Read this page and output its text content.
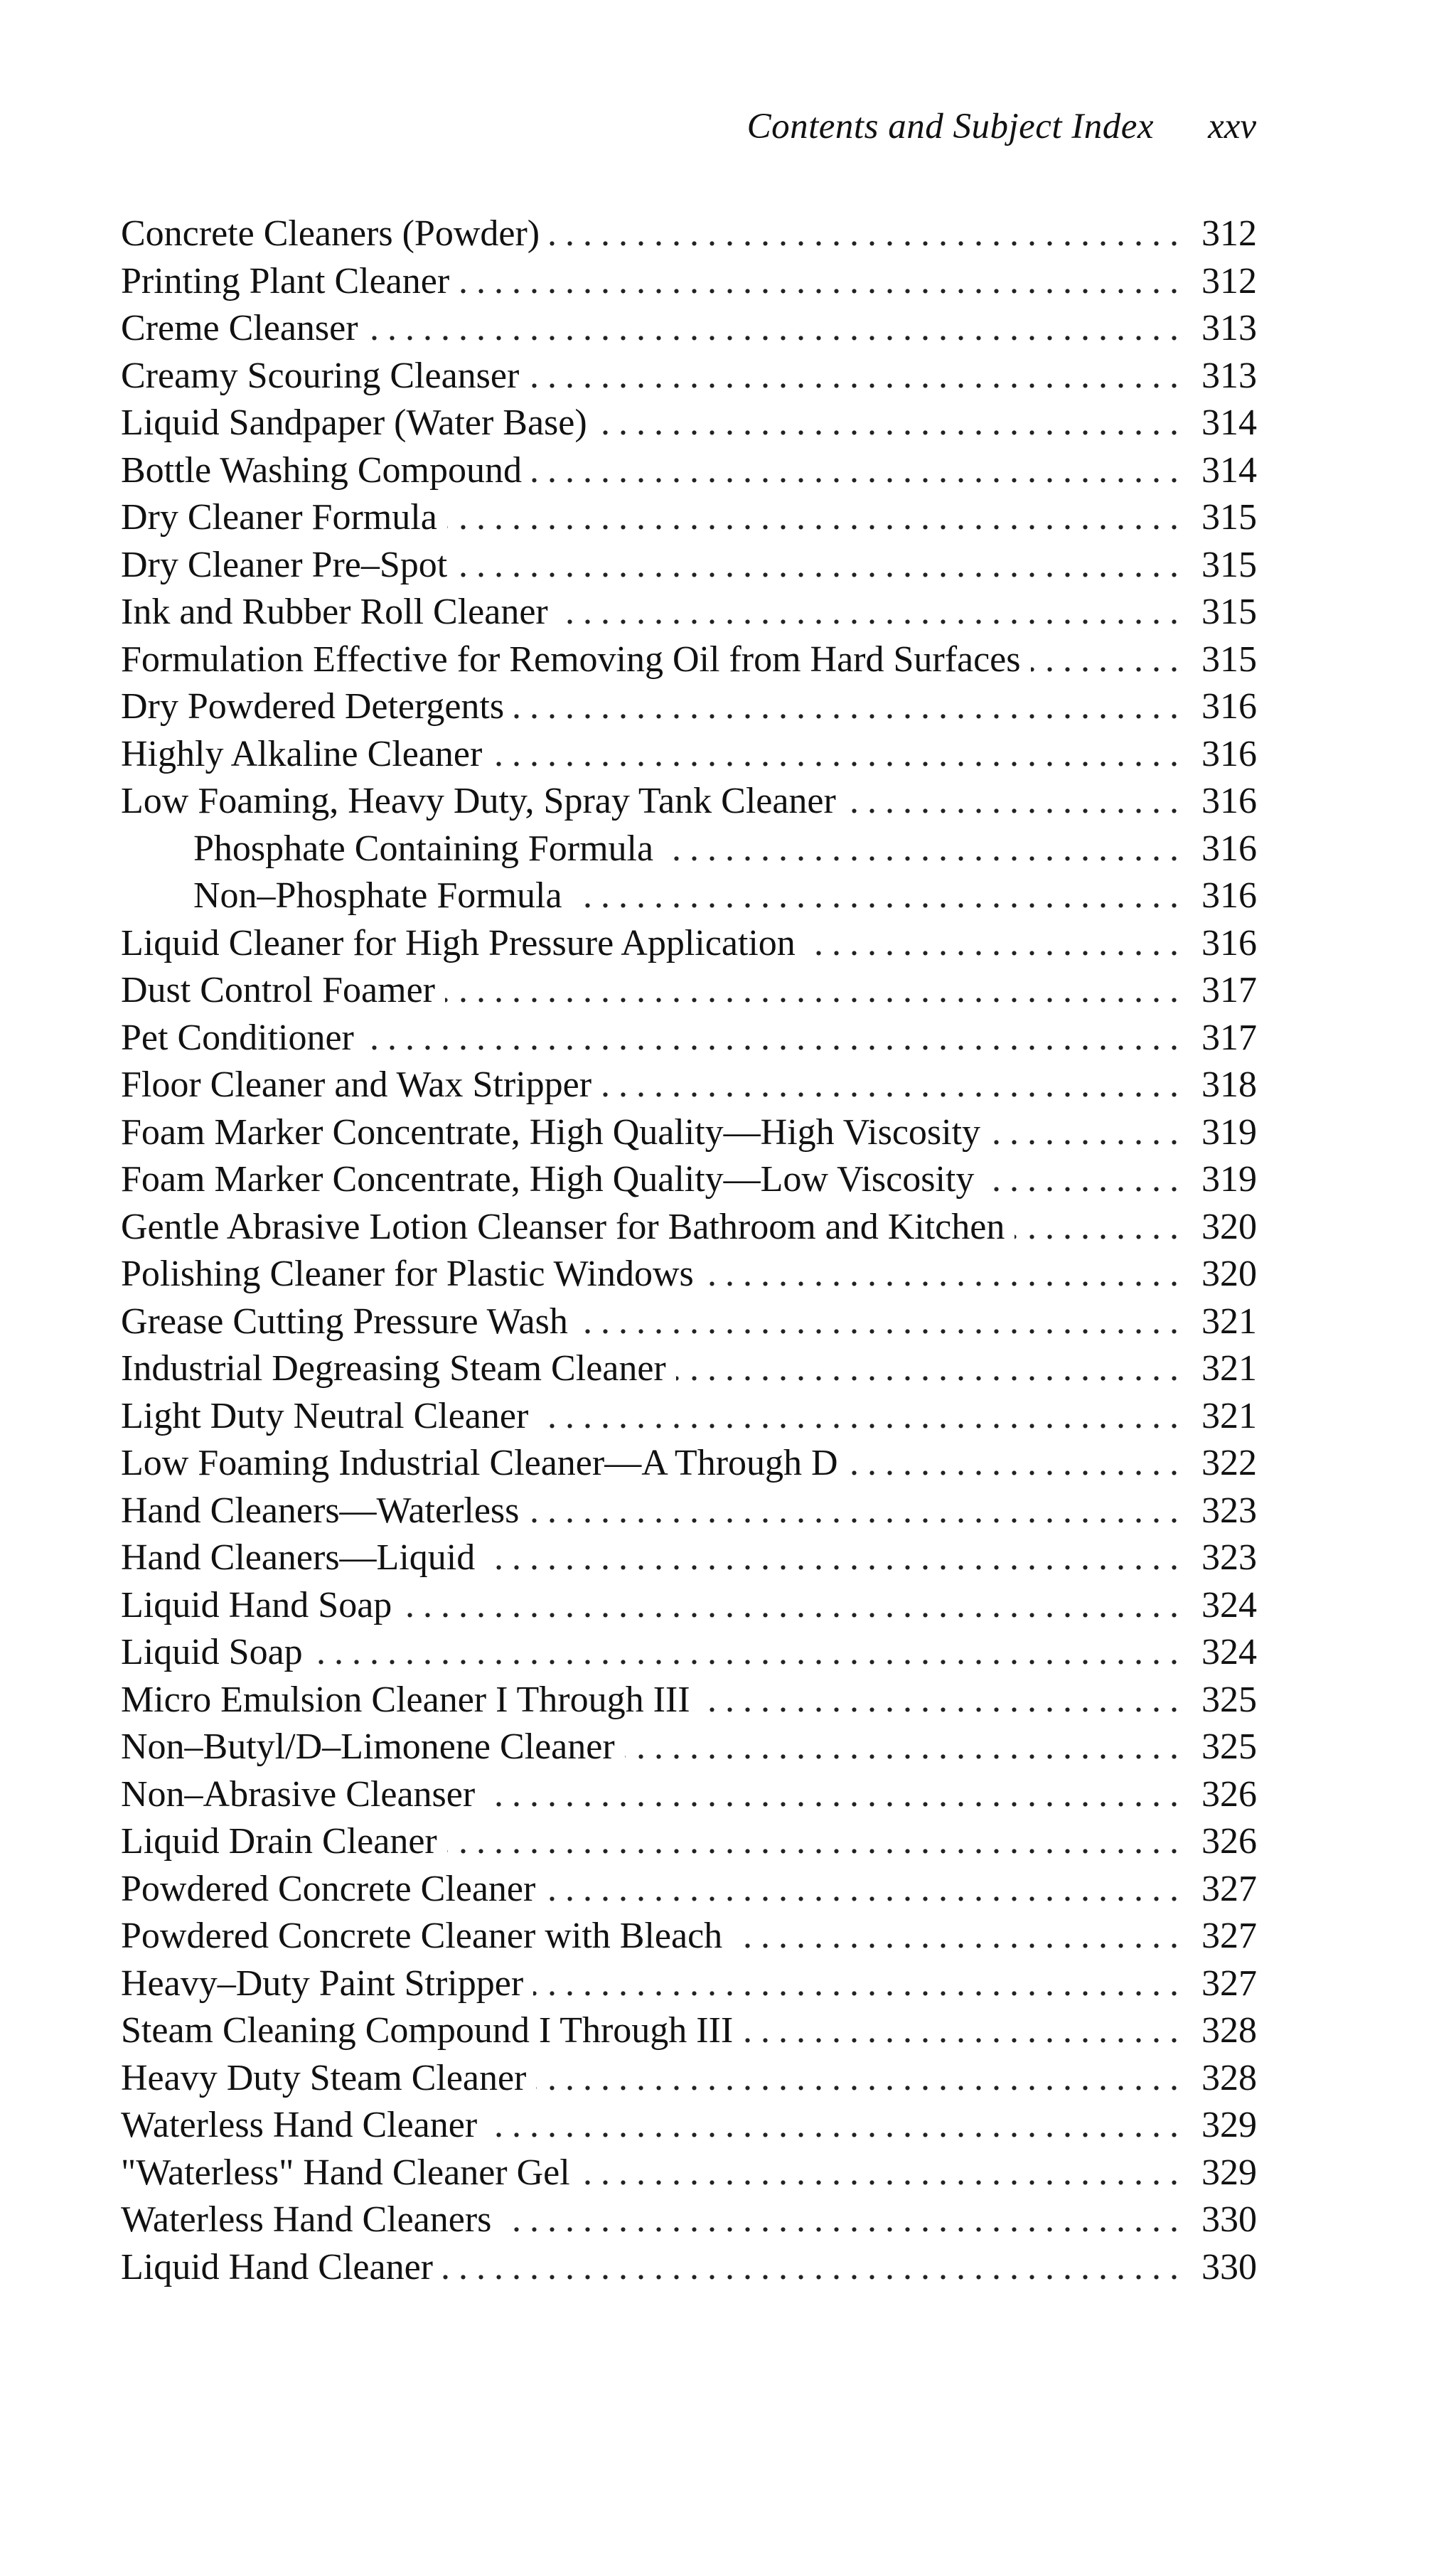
Contents and Subject Index xxv
Concrete Cleaners (Powder) .....	312
Printing Plant Cleaner .....	312
Creme Cleanser .....	313
Creamy Scouring Cleanser .....	313
Liquid Sandpaper (Water Base) .....	314
Bottle Washing Compound .....	314
Dry Cleaner Formula .....	315
Dry Cleaner Pre–Spot .....	315
Ink and Rubber Roll Cleaner .....	315
Formulation Effective for Removing Oil from Hard Surfaces .....	315
Dry Powdered Detergents .....	316
Highly Alkaline Cleaner .....	316
Low Foaming, Heavy Duty, Spray Tank Cleaner .....	316
Phosphate Containing Formula .....	316
Non–Phosphate Formula .....	316
Liquid Cleaner for High Pressure Application .....	316
Dust Control Foamer .....	317
Pet Conditioner .....	317
Floor Cleaner and Wax Stripper .....	318
Foam Marker Concentrate, High Quality—High Viscosity .....	319
Foam Marker Concentrate, High Quality—Low Viscosity .....	319
Gentle Abrasive Lotion Cleanser for Bathroom and Kitchen .....	320
Polishing Cleaner for Plastic Windows .....	320
Grease Cutting Pressure Wash .....	321
Industrial Degreasing Steam Cleaner .....	321
Light Duty Neutral Cleaner .....	321
Low Foaming Industrial Cleaner—A Through D .....	322
Hand Cleaners—Waterless .....	323
Hand Cleaners—Liquid .....	323
Liquid Hand Soap .....	324
Liquid Soap .....	324
Micro Emulsion Cleaner I Through III .....	325
Non–Butyl/D–Limonene Cleaner .....	325
Non–Abrasive Cleanser .....	326
Liquid Drain Cleaner .....	326
Powdered Concrete Cleaner .....	327
Powdered Concrete Cleaner with Bleach .....	327
Heavy–Duty Paint Stripper .....	327
Steam Cleaning Compound I Through III .....	328
Heavy Duty Steam Cleaner .....	328
Waterless Hand Cleaner .....	329
"Waterless" Hand Cleaner Gel .....	329
Waterless Hand Cleaners .....	330
Liquid Hand Cleaner .....	330
